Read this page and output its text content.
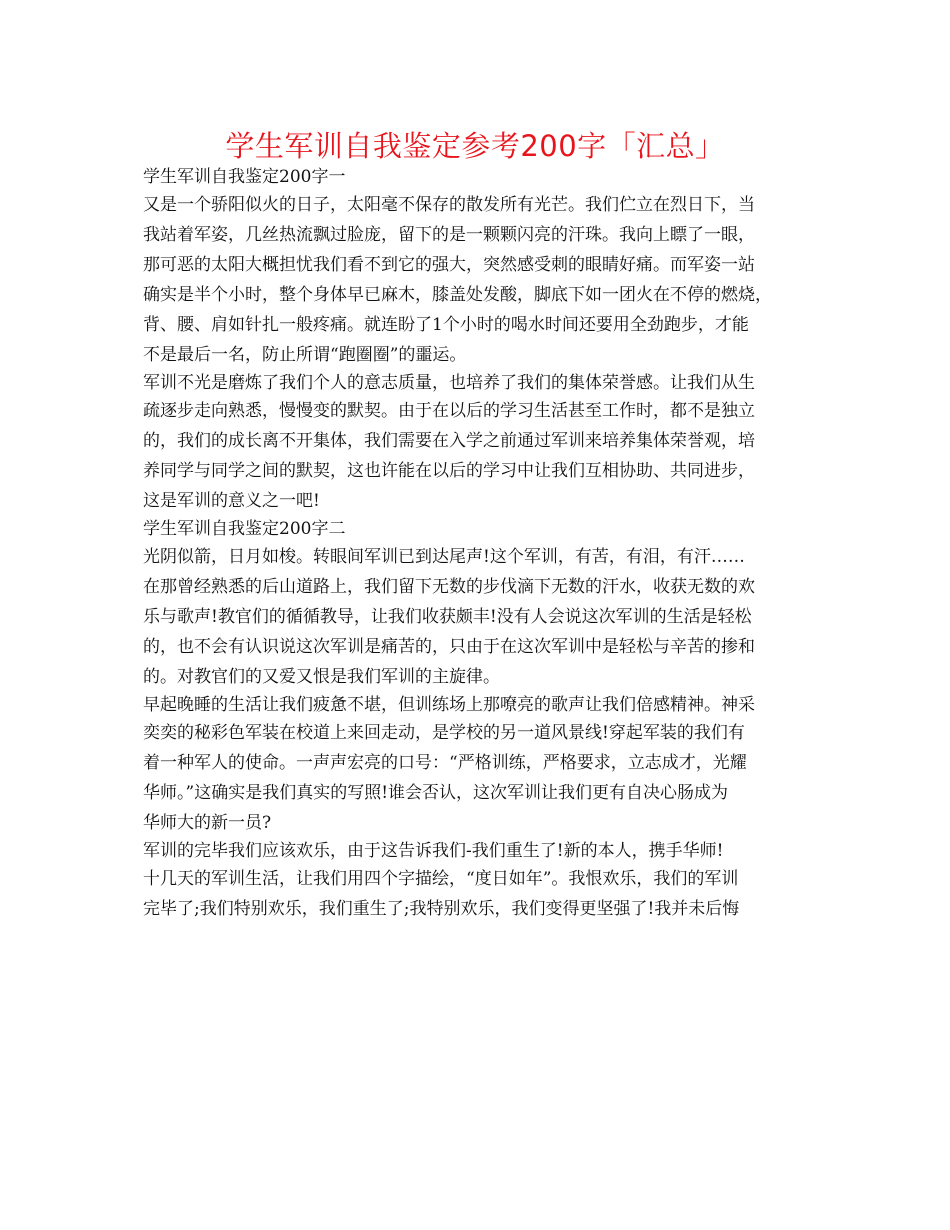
学生军训自我鉴定参考200字「汇总」

学生军训自我鉴定200字一

又是一个骄阳似火的日子，太阳毫不保存的散发所有光芒。我们伫立在烈日下，当

我站着军姿，几丝热流飘过脸庞，留下的是一颗颗闪亮的汗珠。我向上瞟了一眼，

那可恶的太阳大概担忧我们看不到它的强大，突然感受刺的眼睛好痛。而军姿一站

确实是半个小时，整个身体早已麻木，膝盖处发酸，脚底下如一团火在不停的燃烧，

背、腰、肩如针扎一般疼痛。就连盼了1个小时的喝水时间还要用全劲跑步，才能

不是最后一名，防止所谓“跑圈圈”的噩运。

军训不光是磨炼了我们个人的意志质量，也培养了我们的集体荣誉感。让我们从生

疏逐步走向熟悉，慢慢变的默契。由于在以后的学习生活甚至工作时，都不是独立

的，我们的成长离不开集体，我们需要在入学之前通过军训来培养集体荣誉观，培

养同学与同学之间的默契，这也许能在以后的学习中让我们互相协助、共同进步，

这是军训的意义之一吧!

学生军训自我鉴定200字二

光阴似箭，日月如梭。转眼间军训已到达尾声!这个军训，有苦，有泪，有汗……

在那曾经熟悉的后山道路上，我们留下无数的步伐滴下无数的汗水，收获无数的欢

乐与歌声!教官们的循循教导，让我们收获颇丰!没有人会说这次军训的生活是轻松

的，也不会有认识说这次军训是痛苦的，只由于在这次军训中是轻松与辛苦的掺和

的。对教官们的又爱又恨是我们军训的主旋律。

早起晚睡的生活让我们疲惫不堪，但训练场上那嘹亮的歌声让我们倍感精神。神采

奕奕的秘彩色军装在校道上来回走动，是学校的另一道风景线!穿起军装的我们有

着一种军人的使命。一声声宏亮的口号：“严格训练，严格要求，立志成才，光耀

华师。”这确实是我们真实的写照!谁会否认，这次军训让我们更有自决心肠成为

华师大的新一员?

军训的完毕我们应该欢乐，由于这告诉我们-我们重生了!新的本人，携手华师!

十几天的军训生活，让我们用四个字描绘，“度日如年”。我恨欢乐，我们的军训

完毕了;我们特别欢乐，我们重生了;我特别欢乐，我们变得更坚强了!我并未后悔
